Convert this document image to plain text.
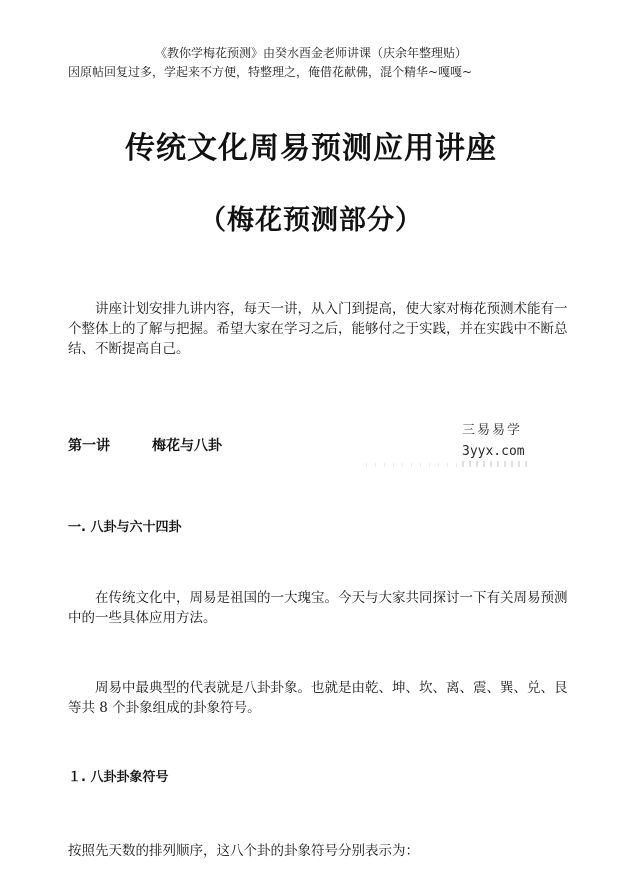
《教你学梅花预测》由癸水酉金老师讲课（庆余年整理贴）
因原帖回复过多，学起来不方便，特整理之，俺借花献佛，混个精华~嘎嘎~
传统文化周易预测应用讲座
（梅花预测部分）
讲座计划安排九讲内容，每天一讲，从入门到提高，使大家对梅花预测术能有一个整体上的了解与把握。希望大家在学习之后，能够付之于实践，并在实践中不断总结、不断提高自己。
第一讲	梅花与八卦
三易易学
3yyx.com
一. 八卦与六十四卦
在传统文化中，周易是祖国的一大瑰宝。今天与大家共同探讨一下有关周易预测中的一些具体应用方法。
周易中最典型的代表就是八卦卦象。也就是由乾、坤、坎、离、震、巽、兑、艮等共 8 个卦象组成的卦象符号。
１. 八卦卦象符号
按照先天数的排列顺序，这八个卦的卦象符号分别表示为：
